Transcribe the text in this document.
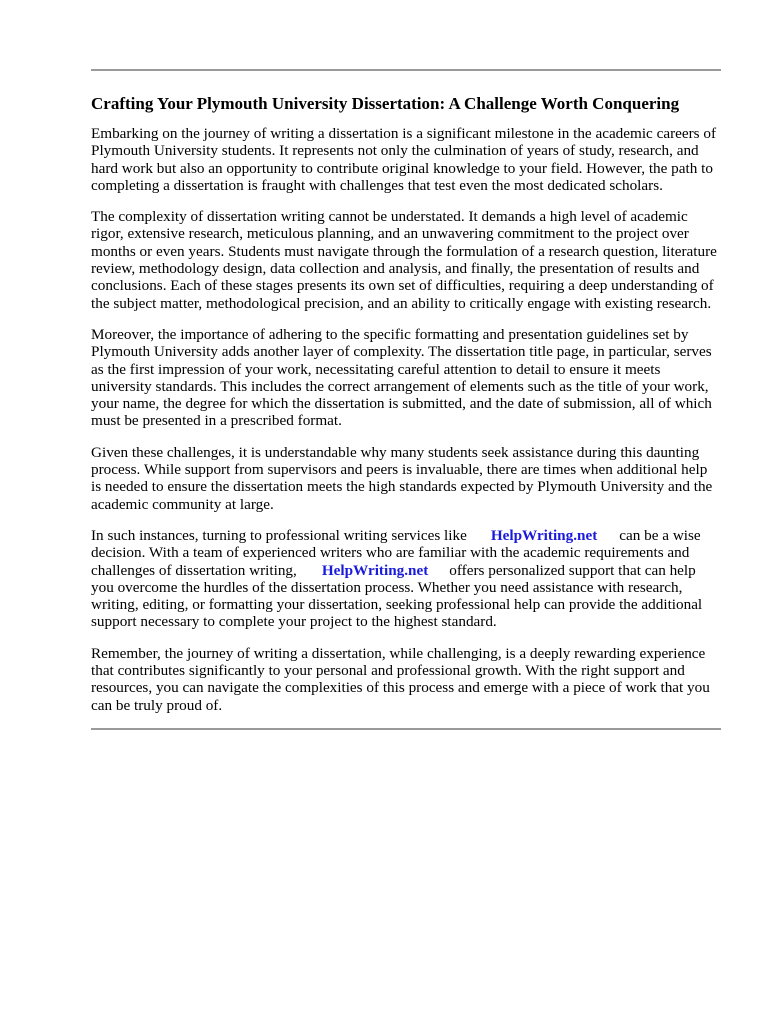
Crafting Your Plymouth University Dissertation: A Challenge Worth Conquering

Embarking on the journey of writing a dissertation is a significant milestone in the academic careers of Plymouth University students. It represents not only the culmination of years of study, research, and hard work but also an opportunity to contribute original knowledge to your field. However, the path to completing a dissertation is fraught with challenges that test even the most dedicated scholars.

The complexity of dissertation writing cannot be understated. It demands a high level of academic rigor, extensive research, meticulous planning, and an unwavering commitment to the project over months or even years. Students must navigate through the formulation of a research question, literature review, methodology design, data collection and analysis, and finally, the presentation of results and conclusions. Each of these stages presents its own set of difficulties, requiring a deep understanding of the subject matter, methodological precision, and an ability to critically engage with existing research.

Moreover, the importance of adhering to the specific formatting and presentation guidelines set by Plymouth University adds another layer of complexity. The dissertation title page, in particular, serves as the first impression of your work, necessitating careful attention to detail to ensure it meets university standards. This includes the correct arrangement of elements such as the title of your work, your name, the degree for which the dissertation is submitted, and the date of submission, all of which must be presented in a prescribed format.

Given these challenges, it is understandable why many students seek assistance during this daunting process. While support from supervisors and peers is invaluable, there are times when additional help is needed to ensure the dissertation meets the high standards expected by Plymouth University and the academic community at large.

In such instances, turning to professional writing services like HelpWriting.net can be a wise decision. With a team of experienced writers who are familiar with the academic requirements and challenges of dissertation writing, HelpWriting.net offers personalized support that can help you overcome the hurdles of the dissertation process. Whether you need assistance with research, writing, editing, or formatting your dissertation, seeking professional help can provide the additional support necessary to complete your project to the highest standard.

Remember, the journey of writing a dissertation, while challenging, is a deeply rewarding experience that contributes significantly to your personal and professional growth. With the right support and resources, you can navigate the complexities of this process and emerge with a piece of work that you can be truly proud of.
